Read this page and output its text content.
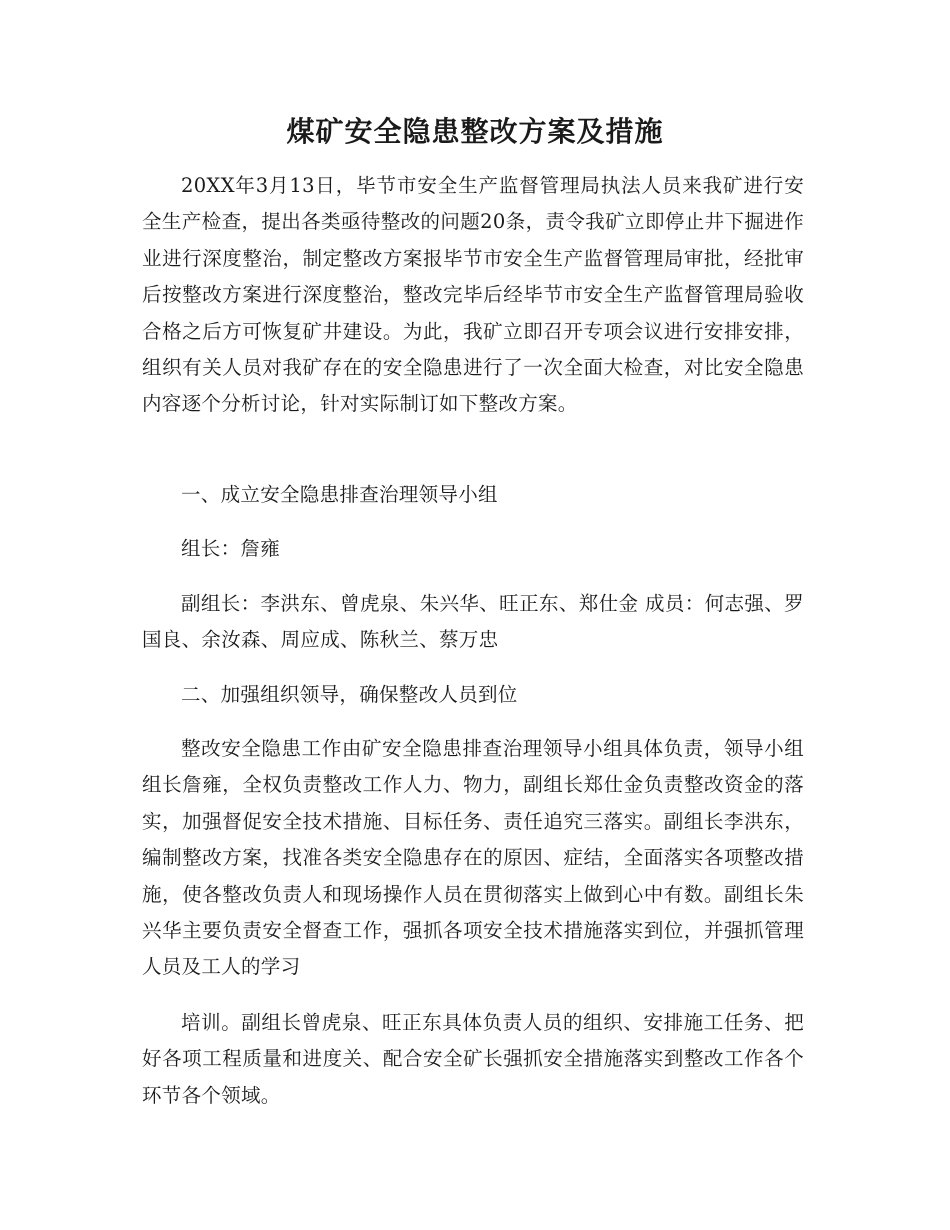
煤矿安全隐患整改方案及措施

20XX年3月13日，毕节市安全生产监督管理局执法人员来我矿进行安全生产检查，提出各类亟待整改的问题20条，责令我矿立即停止井下掘进作业进行深度整治，制定整改方案报毕节市安全生产监督管理局审批，经批审后按整改方案进行深度整治，整改完毕后经毕节市安全生产监督管理局验收合格之后方可恢复矿井建设。为此，我矿立即召开专项会议进行安排安排，组织有关人员对我矿存在的安全隐患进行了一次全面大检查，对比安全隐患内容逐个分析讨论，针对实际制订如下整改方案。

一、成立安全隐患排查治理领导小组

组长：詹雍

副组长：李洪东、曾虎泉、朱兴华、旺正东、郑仕金 成员：何志强、罗国良、余汝森、周应成、陈秋兰、蔡万忠

二、加强组织领导，确保整改人员到位

整改安全隐患工作由矿安全隐患排查治理领导小组具体负责，领导小组组长詹雍，全权负责整改工作人力、物力，副组长郑仕金负责整改资金的落实，加强督促安全技术措施、目标任务、责任追究三落实。副组长李洪东，编制整改方案，找准各类安全隐患存在的原因、症结，全面落实各项整改措施，使各整改负责人和现场操作人员在贯彻落实上做到心中有数。副组长朱兴华主要负责安全督查工作，强抓各项安全技术措施落实到位，并强抓管理人员及工人的学习

培训。副组长曾虎泉、旺正东具体负责人员的组织、安排施工任务、把好各项工程质量和进度关、配合安全矿长强抓安全措施落实到整改工作各个环节各个领域。
